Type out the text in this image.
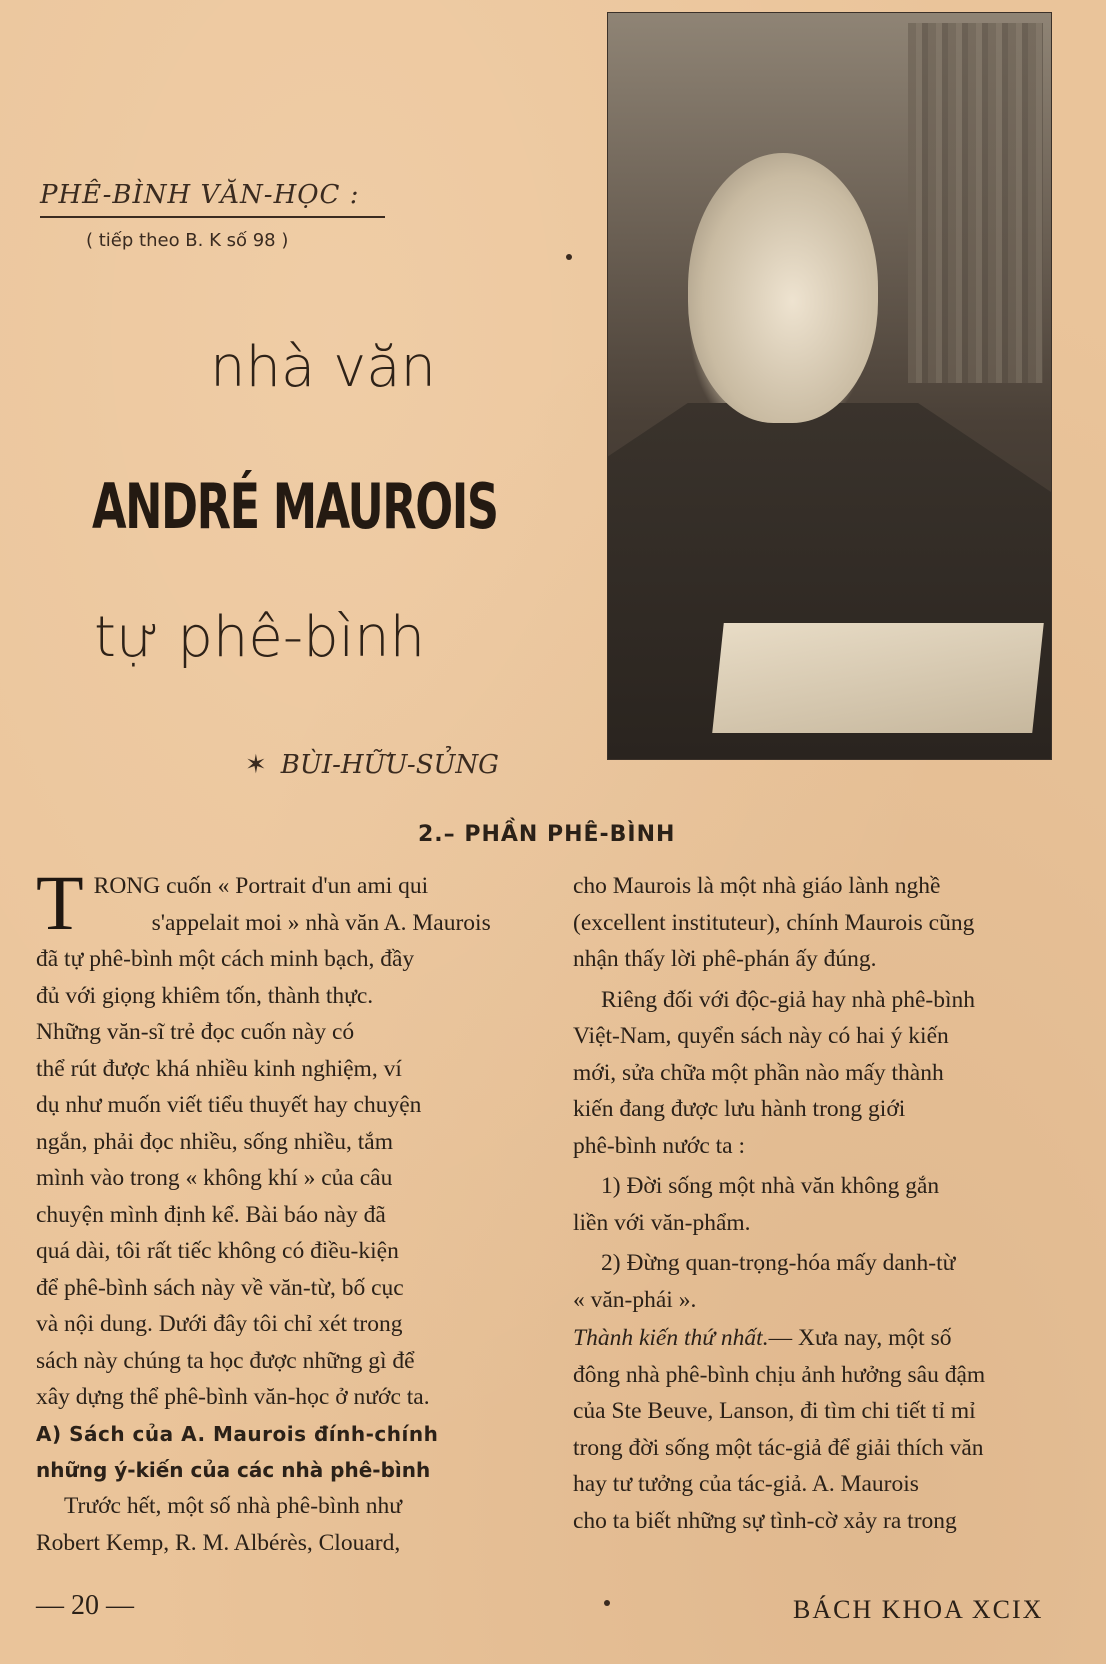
PHÊ-BÌNH VĂN-HỌC :
( tiếp theo B. K số 98 )
nhà văn
ANDRÉ MAUROIS
tự phê-bình
✶ BÙI-HỮU-SỦNG
2.– PHẦN PHÊ-BÌNH
T RONG cuốn « Portrait d'un ami qui
s'appelait moi » nhà văn A. Maurois
đã tự phê-bình một cách minh bạch, đầy
đủ với giọng khiêm tốn, thành thực.
Những văn-sĩ trẻ đọc cuốn này có
thể rút được khá nhiều kinh nghiệm, ví
dụ như muốn viết tiểu thuyết hay chuyện
ngắn, phải đọc nhiều, sống nhiều, tắm
mình vào trong « không khí » của câu
chuyện mình định kể. Bài báo này đã
quá dài, tôi rất tiếc không có điều-kiện
để phê-bình sách này về văn-từ, bố cục
và nội dung. Dưới đây tôi chỉ xét trong
sách này chúng ta học được những gì để
xây dựng thể phê-bình văn-học ở nước ta.
A) Sách của A. Maurois đính-chính
những ý-kiến của các nhà phê-bình
Trước hết, một số nhà phê-bình như
Robert Kemp, R. M. Albérès, Clouard,
cho Maurois là một nhà giáo lành nghề
(excellent instituteur), chính Maurois cũng
nhận thấy lời phê-phán ấy đúng.
Riêng đối với độc-giả hay nhà phê-bình
Việt-Nam, quyển sách này có hai ý kiến
mới, sửa chữa một phần nào mấy thành
kiến đang được lưu hành trong giới
phê-bình nước ta :
1) Đời sống một nhà văn không gắn
liền với văn-phẩm.
2) Đừng quan-trọng-hóa mấy danh-từ
« văn-phái ».
Thành kiến thứ nhất.— Xưa nay, một số
đông nhà phê-bình chịu ảnh hưởng sâu đậm
của Ste Beuve, Lanson, đi tìm chi tiết tỉ mỉ
trong đời sống một tác-giả để giải thích văn
hay tư tưởng của tác-giả. A. Maurois
cho ta biết những sự tình-cờ xảy ra trong
— 20 —	BÁCH KHOA XCIX
